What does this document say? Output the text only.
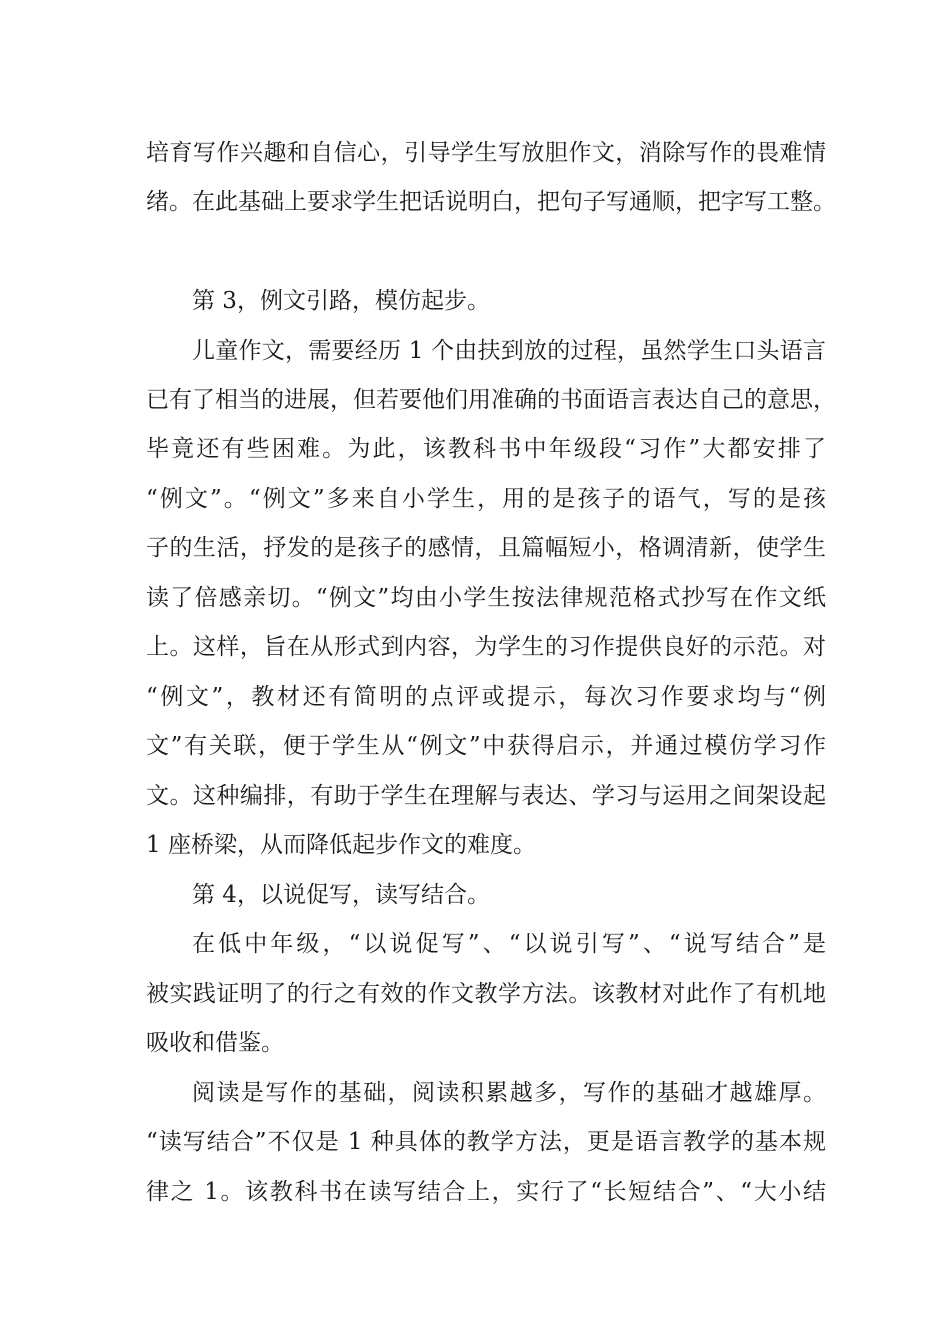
培育写作兴趣和自信心，引导学生写放胆作文，消除写作的畏难情
绪。在此基础上要求学生把话说明白，把句子写通顺，把字写工整。
第 3，例文引路，模仿起步。
儿童作文，需要经历 1 个由扶到放的过程，虽然学生口头语言
已有了相当的进展，但若要他们用准确的书面语言表达自己的意思，
毕竟还有些困难。为此，该教科书中年级段“习作”大都安排了
“例文”。“例文”多来自小学生，用的是孩子的语气，写的是孩
子的生活，抒发的是孩子的感情，且篇幅短小，格调清新，使学生
读了倍感亲切。“例文”均由小学生按法律规范格式抄写在作文纸
上。这样，旨在从形式到内容，为学生的习作提供良好的示范。对
“例文”，教材还有简明的点评或提示，每次习作要求均与“例
文”有关联，便于学生从“例文”中获得启示，并通过模仿学习作
文。这种编排，有助于学生在理解与表达、学习与运用之间架设起
1 座桥梁，从而降低起步作文的难度。
第 4，以说促写，读写结合。
在低中年级，“以说促写”、“以说引写”、“说写结合”是
被实践证明了的行之有效的作文教学方法。该教材对此作了有机地
吸收和借鉴。
阅读是写作的基础，阅读积累越多，写作的基础才越雄厚。
“读写结合”不仅是 1 种具体的教学方法，更是语言教学的基本规
律之 1。该教科书在读写结合上，实行了“长短结合”、“大小结
